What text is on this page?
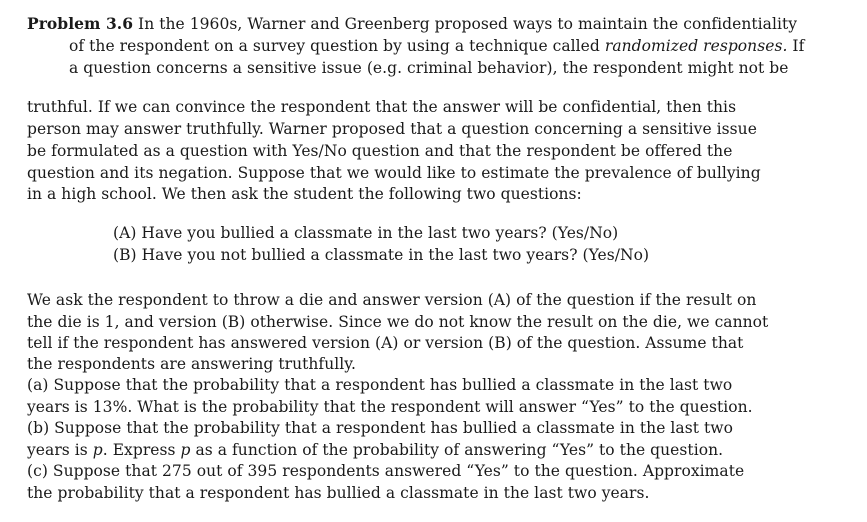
Problem 3.6 In the 1960s, Warner and Greenberg proposed ways to maintain the confidentiality
of the respondent on a survey question by using a technique called randomized responses. If
a question concerns a sensitive issue (e.g. criminal behavior), the respondent might not be
truthful. If we can convince the respondent that the answer will be confidential, then this
person may answer truthfully. Warner proposed that a question concerning a sensitive issue
be formulated as a question with Yes/No question and that the respondent be offered the
question and its negation. Suppose that we would like to estimate the prevalence of bullying
in a high school. We then ask the student the following two questions:
(A) Have you bullied a classmate in the last two years? (Yes/No)
(B) Have you not bullied a classmate in the last two years? (Yes/No)
We ask the respondent to throw a die and answer version (A) of the question if the result on
the die is 1, and version (B) otherwise. Since we do not know the result on the die, we cannot
tell if the respondent has answered version (A) or version (B) of the question. Assume that
the respondents are answering truthfully.
(a) Suppose that the probability that a respondent has bullied a classmate in the last two
years is 13%. What is the probability that the respondent will answer “Yes” to the question.
(b) Suppose that the probability that a respondent has bullied a classmate in the last two
years is p. Express p as a function of the probability of answering “Yes” to the question.
(c) Suppose that 275 out of 395 respondents answered “Yes” to the question. Approximate
the probability that a respondent has bullied a classmate in the last two years.
